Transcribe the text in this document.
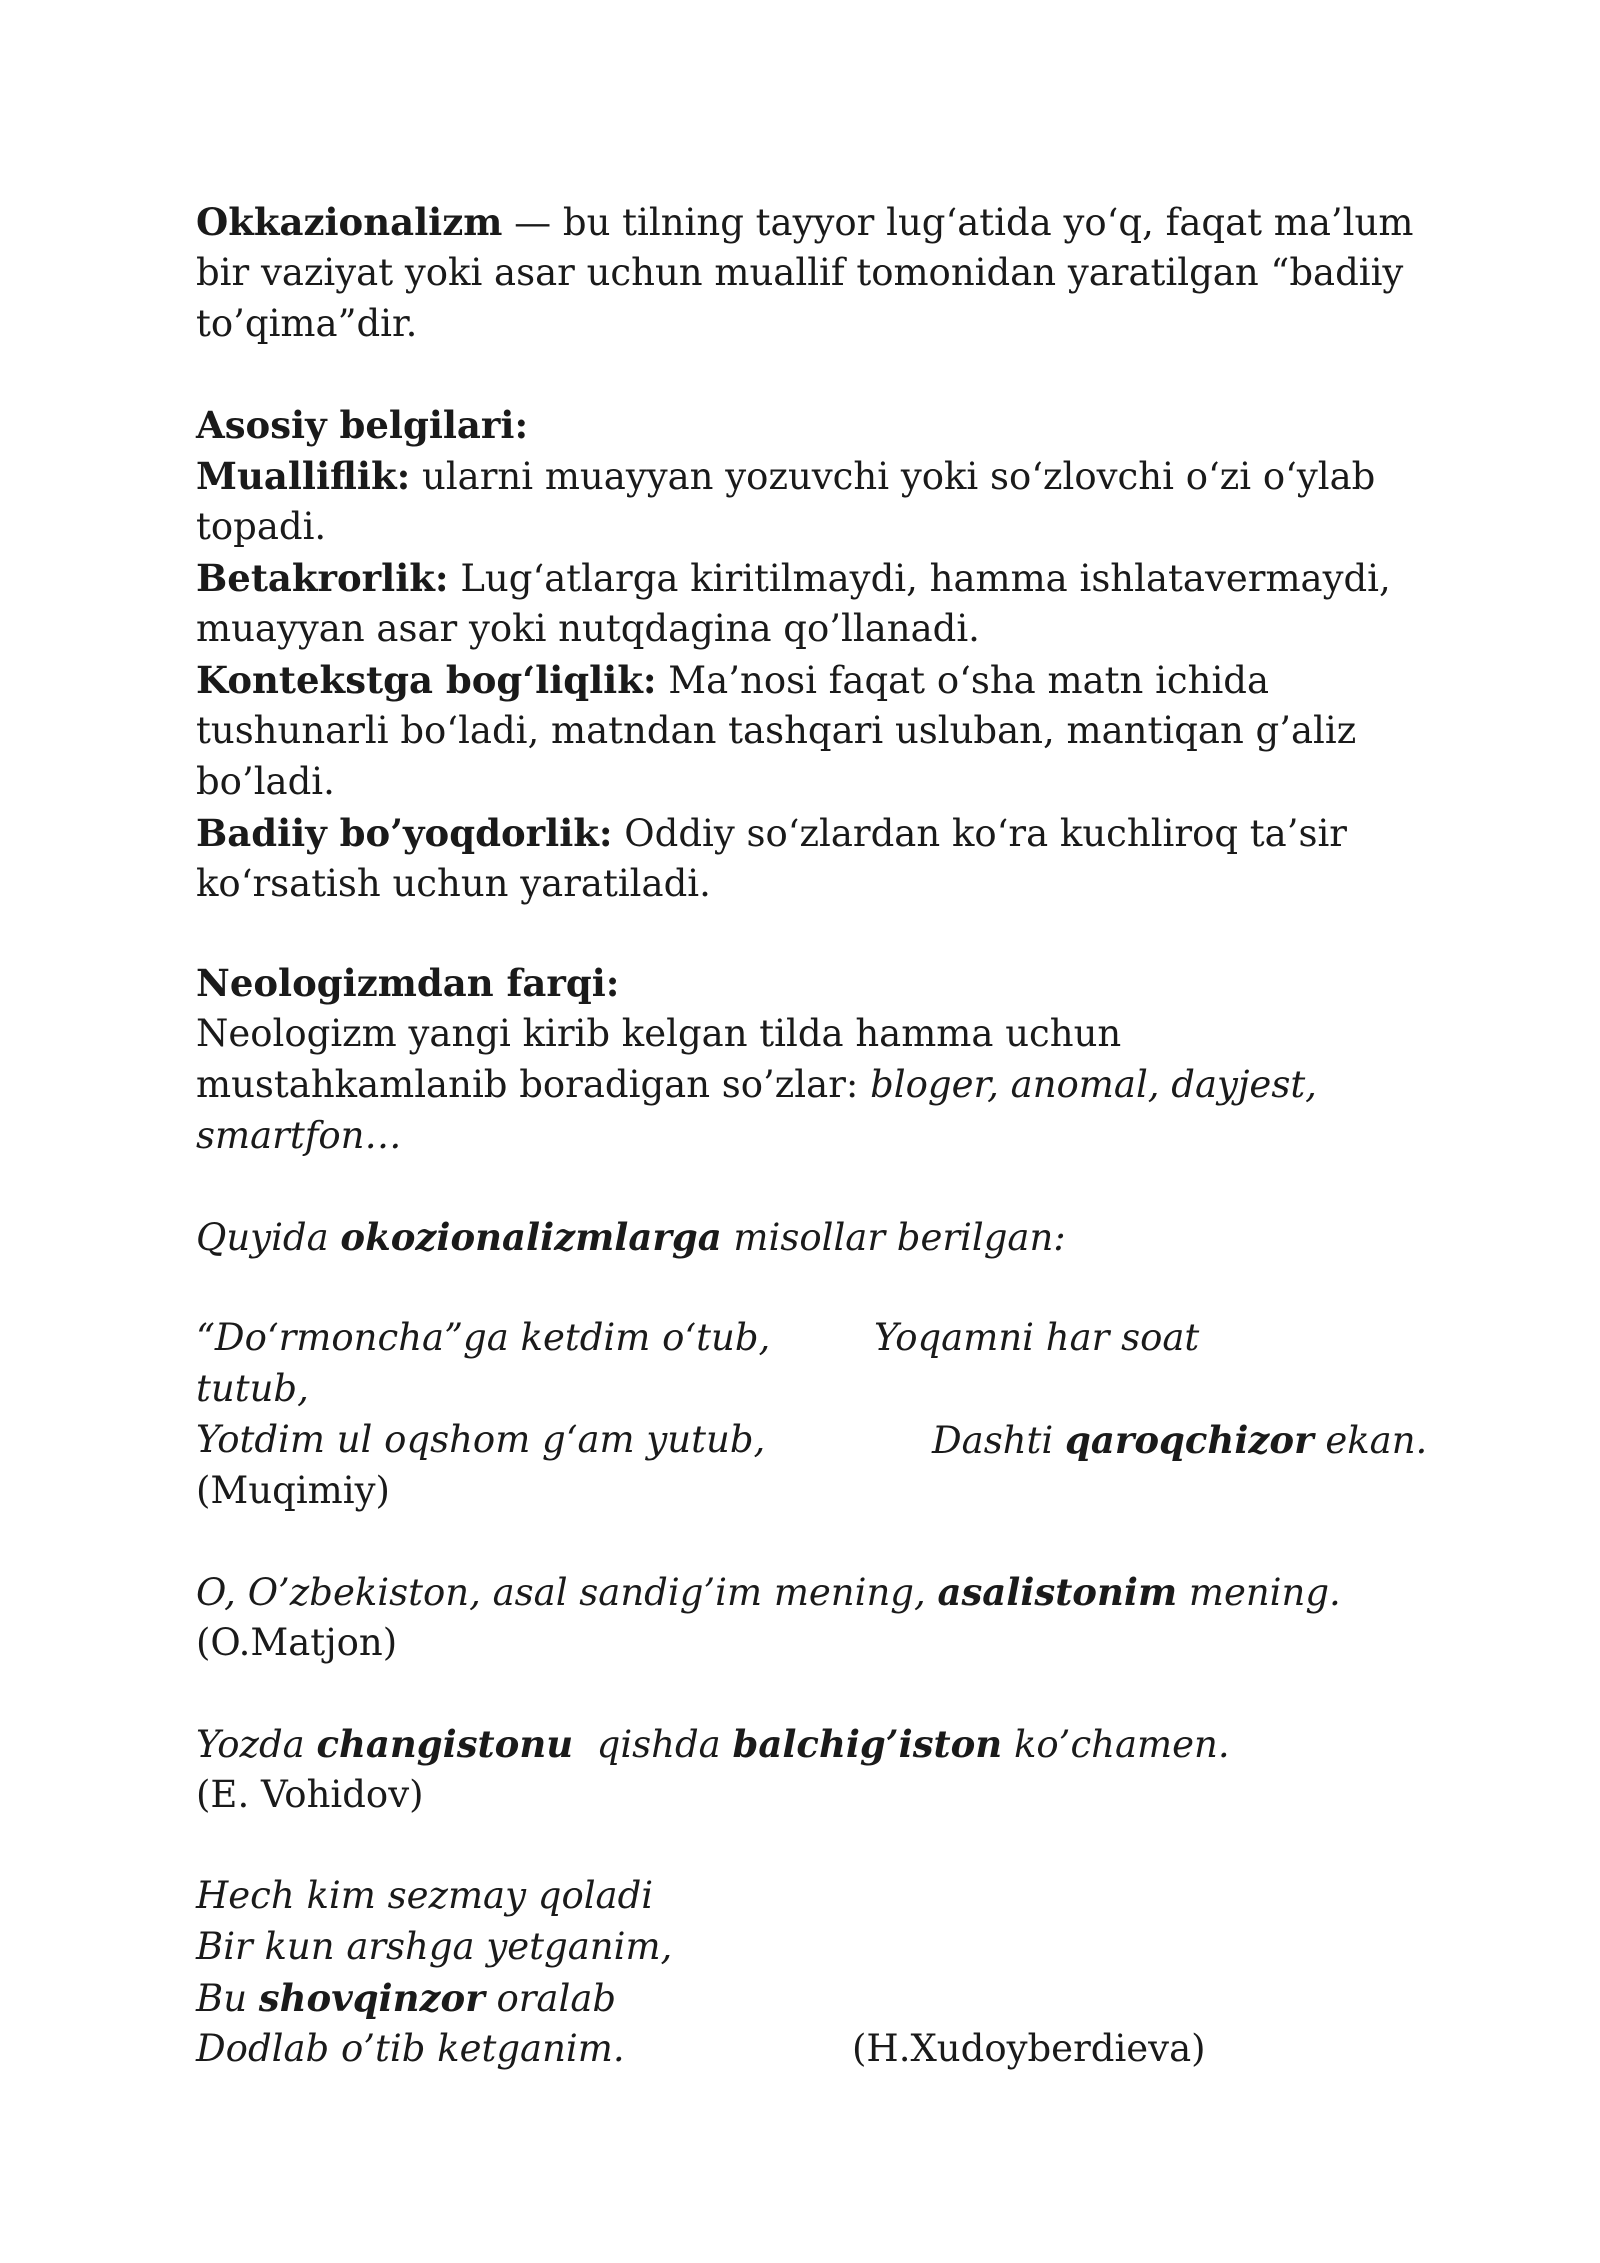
Okkazionalizm — bu tilning tayyor lug‘atida yo‘q, faqat ma’lum
bir vaziyat yoki asar uchun muallif tomonidan yaratilgan “badiiy
to’qima”dir.
Asosiy belgilari:
Mualliflik: ularni muayyan yozuvchi yoki so‘zlovchi o‘zi o‘ylab
topadi.
Betakrorlik: Lug‘atlarga kiritilmaydi, hamma ishlatavermaydi,
muayyan asar yoki nutqdagina qo’llanadi.
Kontekstga bog‘liqlik: Ma’nosi faqat o‘sha matn ichida
tushunarli bo‘ladi, matndan tashqari usluban, mantiqan g’aliz
bo’ladi.
Badiiy bo’yoqdorlik: Oddiy so‘zlardan ko‘ra kuchliroq ta’sir
ko‘rsatish uchun yaratiladi.
Neologizmdan farqi:
Neologizm yangi kirib kelgan tilda hamma uchun
mustahkamlanib boradigan so’zlar: bloger, anomal, dayjest,
smartfon…
Quyida okozionalizmlarga misollar berilgan:
“Do‘rmoncha”ga ketdim o‘tub,	Yoqamni har soat
tutub,
Yotdim ul oqshom g‘am yutub,	Dashti qaroqchizor ekan.
(Muqimiy)
O, O’zbekiston, asal sandig’im mening, asalistonim mening.
(O.Matjon)
Yozda changistonu  qishda balchig’iston ko’chamen.
(E. Vohidov)
Hech kim sezmay qoladi
Bir kun arshga yetganim,
Bu shovqinzor oralab
Dodlab o’tib ketganim.	(H.Xudoyberdieva)
